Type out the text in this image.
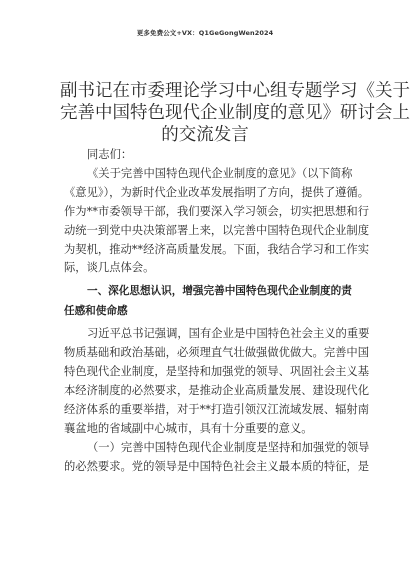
更多免费公文+VX：Q1GeGongWen2024
副书记在市委理论学习中心组专题学习《关于
完善中国特色现代企业制度的意见》研讨会上
的交流发言
同志们：
《关于完善中国特色现代企业制度的意见》（以下简称
《意见》），为新时代企业改革发展指明了方向，提供了遵循。
作为**市委领导干部，我们要深入学习领会，切实把思想和行
动统一到党中央决策部署上来，以完善中国特色现代企业制度
为契机，推动**经济高质量发展。下面，我结合学习和工作实
际，谈几点体会。
一、深化思想认识，增强完善中国特色现代企业制度的责
任感和使命感
习近平总书记强调，国有企业是中国特色社会主义的重要
物质基础和政治基础，必须理直气壮做强做优做大。完善中国
特色现代企业制度，是坚持和加强党的领导、巩固社会主义基
本经济制度的必然要求，是推动企业高质量发展、建设现代化
经济体系的重要举措，对于**打造引领汉江流域发展、辐射南
襄盆地的省域副中心城市，具有十分重要的意义。
（一）完善中国特色现代企业制度是坚持和加强党的领导
的必然要求。党的领导是中国特色社会主义最本质的特征，是
